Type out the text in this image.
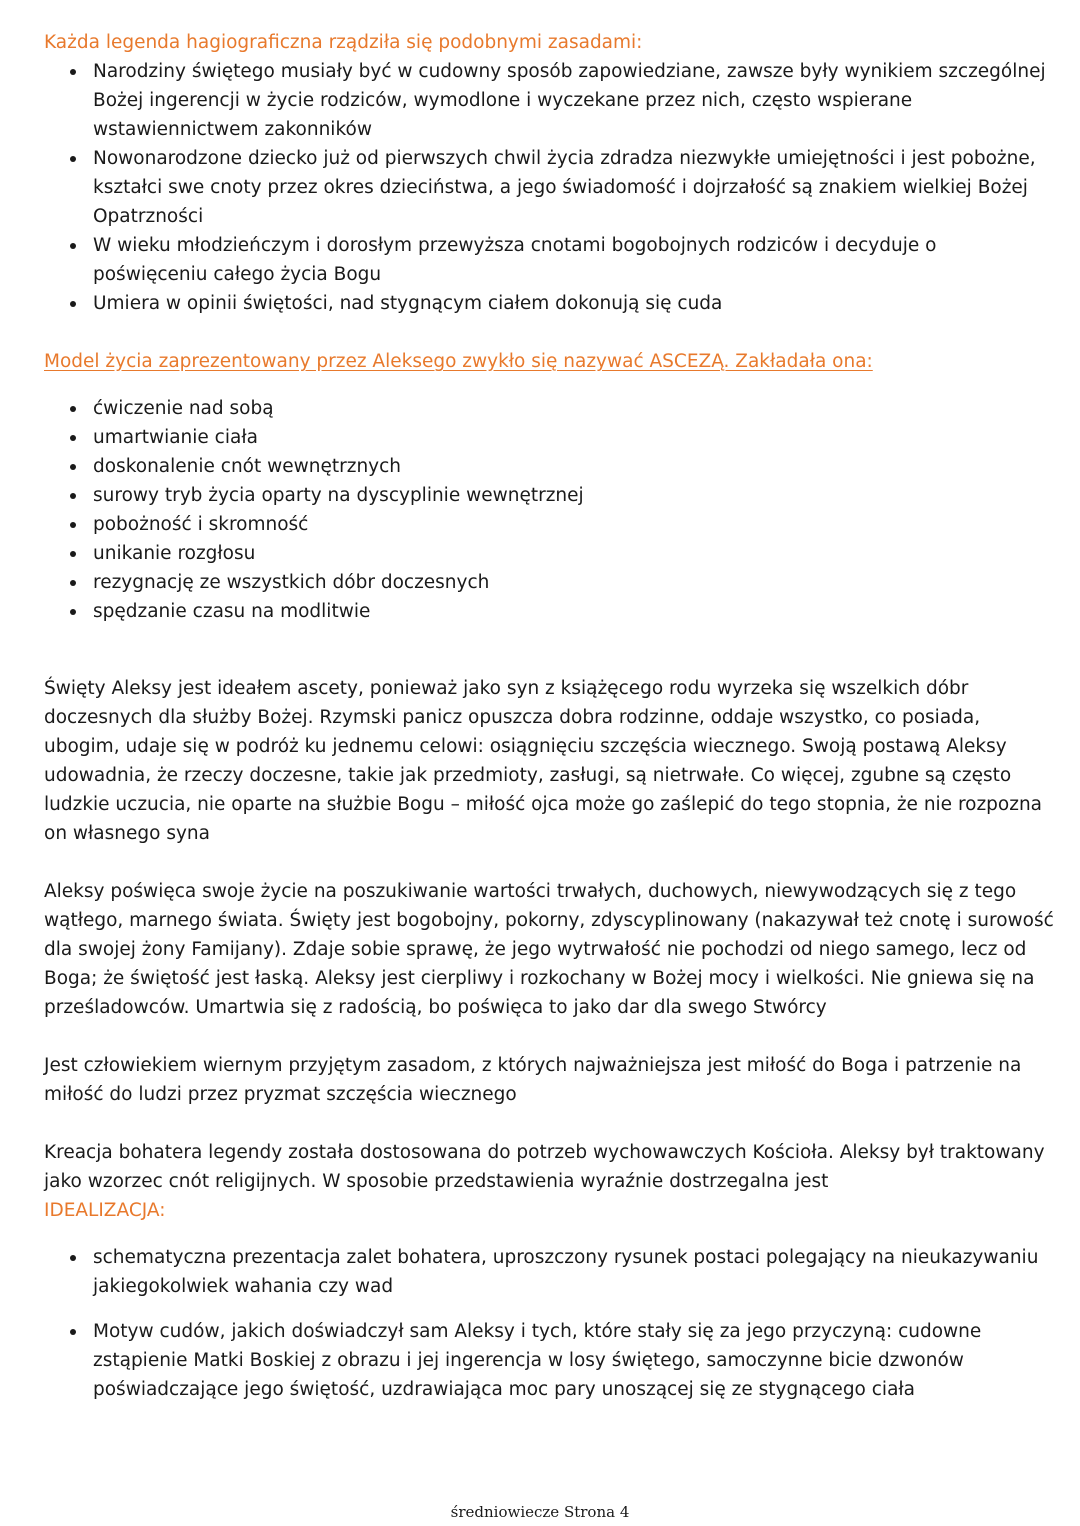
Każda legenda hagiograficzna rządziła się podobnymi zasadami:

Narodziny świętego musiały być w cudowny sposób zapowiedziane, zawsze były wynikiem szczególnej Bożej ingerencji w życie rodziców, wymodlone i wyczekane przez nich, często wspierane wstawiennictwem zakonników
Nowonarodzone dziecko już od pierwszych chwil życia zdradza niezwykłe umiejętności i jest pobożne, kształci swe cnoty przez okres dzieciństwa, a jego świadomość i dojrzałość są znakiem wielkiej Bożej Opatrzności
W wieku młodzieńczym i dorosłym przewyższa cnotami bogobojnych rodziców i decyduje o poświęceniu całego życia Bogu
Umiera w opinii świętości, nad stygnącym ciałem dokonują się cuda

Model życia zaprezentowany przez Aleksego zwykło się nazywać ASCEZĄ. Zakładała ona:

ćwiczenie nad sobą
umartwianie ciała
doskonalenie cnót wewnętrznych
surowy tryb życia oparty na dyscyplinie wewnętrznej
pobożność i skromność
unikanie rozgłosu
rezygnację ze wszystkich dóbr doczesnych
spędzanie czasu na modlitwie

Święty Aleksy jest ideałem ascety, ponieważ jako syn z książęcego rodu wyrzeka się wszelkich dóbr doczesnych dla służby Bożej. Rzymski panicz opuszcza dobra rodzinne, oddaje wszystko, co posiada, ubogim, udaje się w podróż ku jednemu celowi: osiągnięciu szczęścia wiecznego. Swoją postawą Aleksy udowadnia, że rzeczy doczesne, takie jak przedmioty, zasługi, są nietrwałe. Co więcej, zgubne są często ludzkie uczucia, nie oparte na służbie Bogu – miłość ojca może go zaślepić do tego stopnia, że nie rozpozna on własnego syna

Aleksy poświęca swoje życie na poszukiwanie wartości trwałych, duchowych, niewywodzących się z tego wątłego, marnego świata. Święty jest bogobojny, pokorny, zdyscyplinowany (nakazywał też cnotę i surowość dla swojej żony Famijany). Zdaje sobie sprawę, że jego wytrwałość nie pochodzi od niego samego, lecz od Boga; że świętość jest łaską. Aleksy jest cierpliwy i rozkochany w Bożej mocy i wielkości. Nie gniewa się na prześladowców. Umartwia się z radością, bo poświęca to jako dar dla swego Stwórcy

Jest człowiekiem wiernym przyjętym zasadom, z których najważniejsza jest miłość do Boga i patrzenie na miłość do ludzi przez pryzmat szczęścia wiecznego

Kreacja bohatera legendy została dostosowana do potrzeb wychowawczych Kościoła. Aleksy był traktowany jako wzorzec cnót religijnych. W sposobie przedstawienia wyraźnie dostrzegalna jest
IDEALIZACJA:

schematyczna prezentacja zalet bohatera, uproszczony rysunek postaci polegający na nieukazywaniu jakiegokolwiek wahania czy wad
Motyw cudów, jakich doświadczył sam Aleksy i tych, które stały się za jego przyczyną: cudowne zstąpienie Matki Boskiej z obrazu i jej ingerencja w losy świętego, samoczynne bicie dzwonów poświadczające jego świętość, uzdrawiająca moc pary unoszącej się ze stygnącego ciała
średniowiecze Strona 4
